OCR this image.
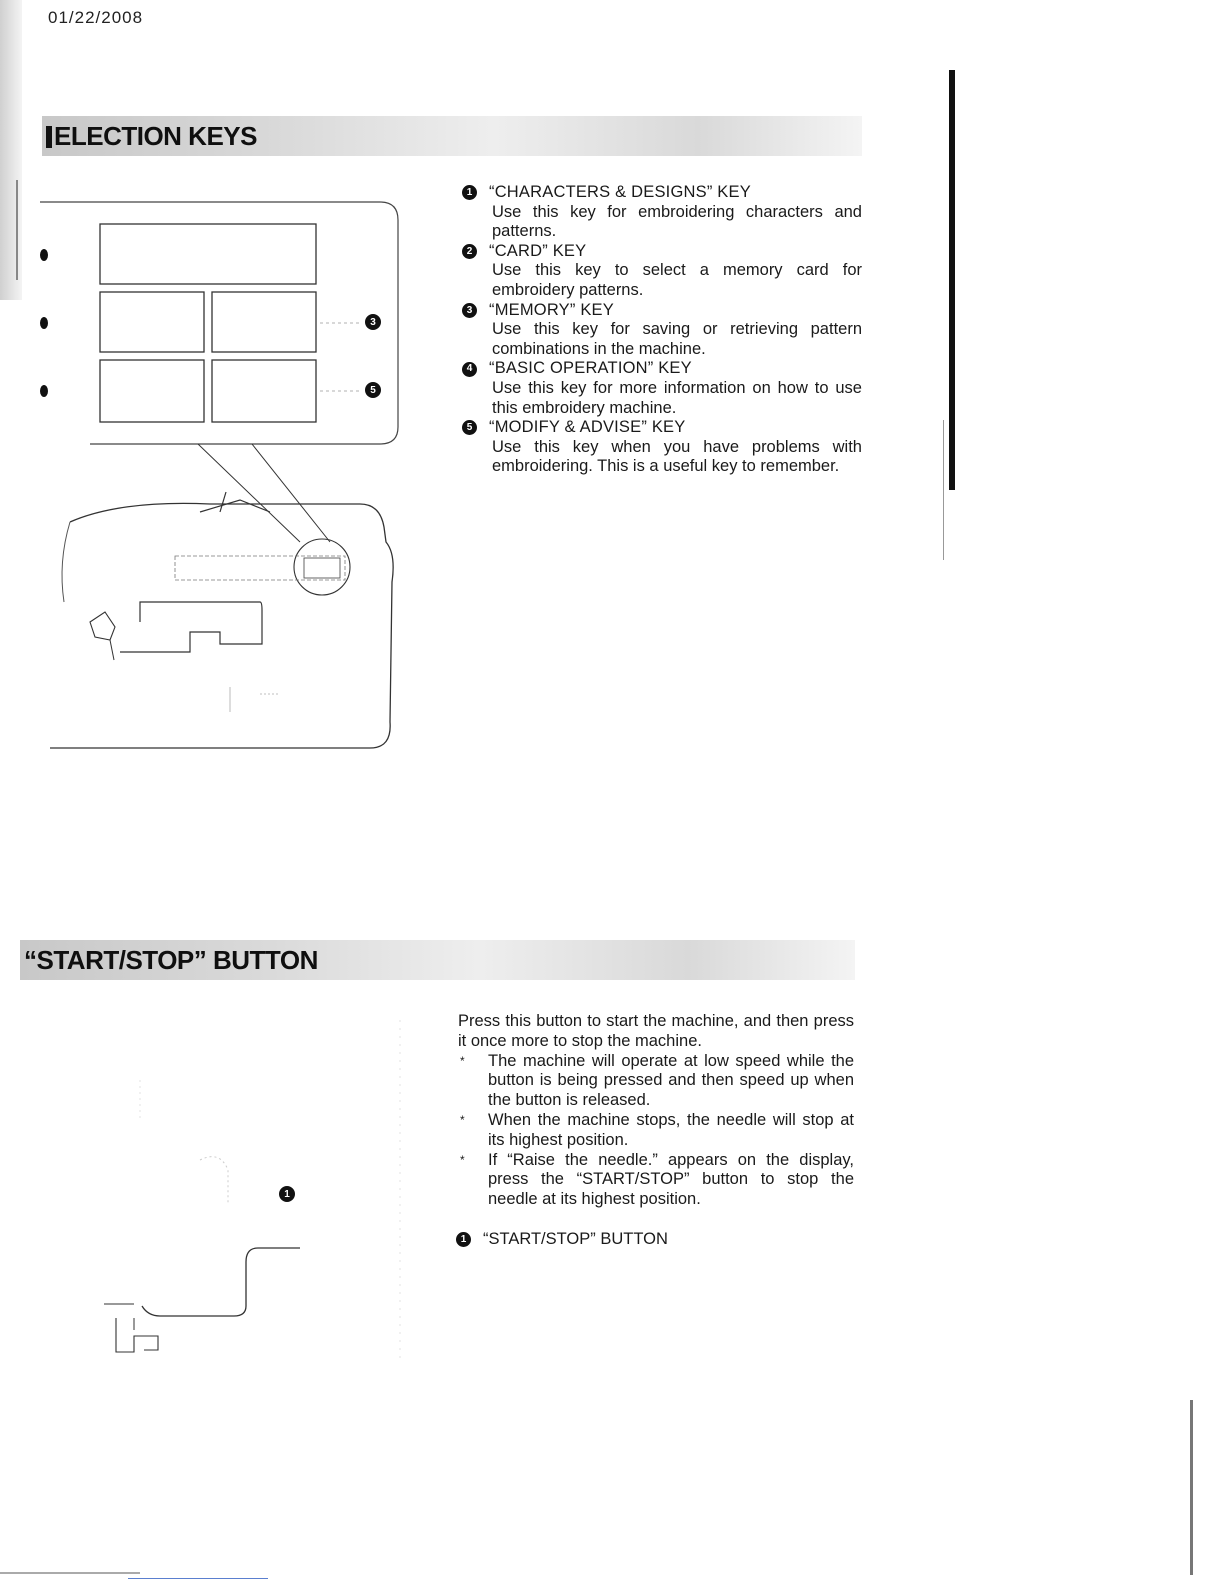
01/22/2008
ELECTION KEYS
3
5
1 “CHARACTERS & DESIGNS” KEY
Use this key for embroidering characters and patterns.
2 “CARD” KEY
Use this key to select a memory card for embroidery patterns.
3 “MEMORY” KEY
Use this key for saving or retrieving pattern combinations in the machine.
4 “BASIC OPERATION” KEY
Use this key for more information on how to use this embroidery machine.
5 “MODIFY & ADVISE” KEY
Use this key when you have problems with embroidering. This is a useful key to remember.
“START/STOP” BUTTON
1

Press this button to start the machine, and then press it once more to stop the machine.

*	The machine will operate at low speed while the button is being pressed and then speed up when the button is released.
*	When the machine stops, the needle will stop at its highest position.
*	If “Raise the needle.” appears on the display, press the “START/STOP” button to stop the needle at its highest position.
1 “START/STOP” BUTTON
